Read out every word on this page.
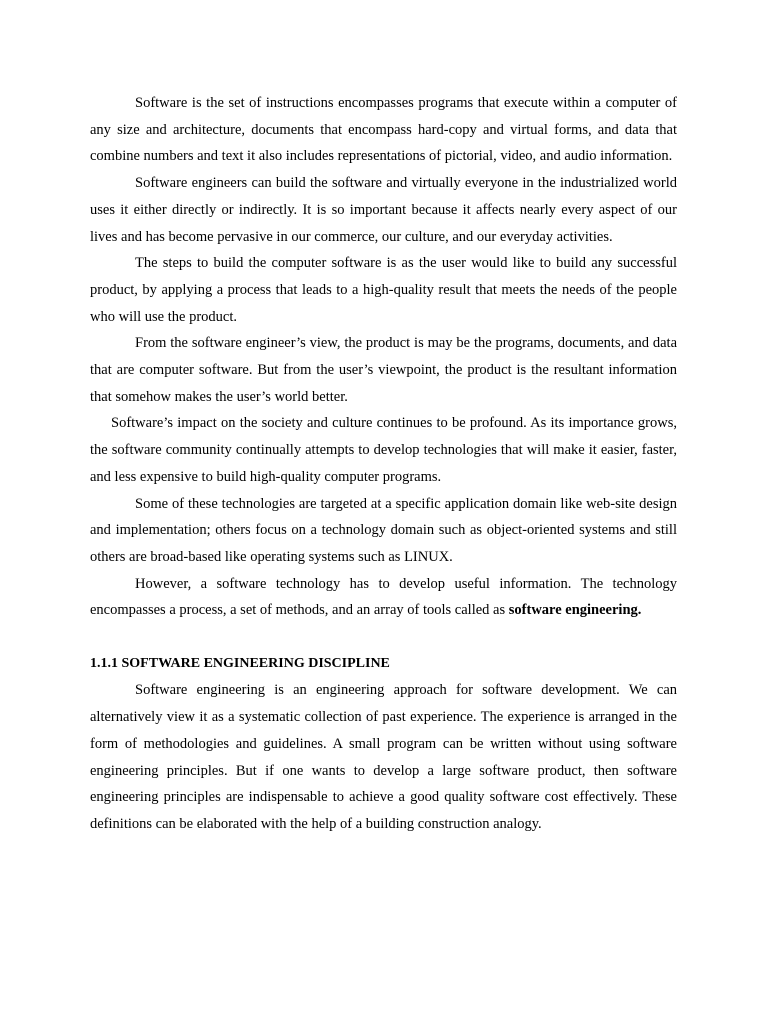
Software is the set of instructions encompasses programs that execute within a computer of any size and architecture, documents that encompass hard-copy and virtual forms, and data that combine numbers and text it also includes representations of pictorial, video, and audio information.

Software engineers can build the software and virtually everyone in the industrialized world uses it either directly or indirectly. It is so important because it affects nearly every aspect of our lives and has become pervasive in our commerce, our culture, and our everyday activities.

The steps to build the computer software is as the user would like to build any successful product, by applying a process that leads to a high-quality result that meets the needs of the people who will use the product.

From the software engineer’s view, the product is may be the programs, documents, and data that are computer software. But from the user’s viewpoint, the product is the resultant information that somehow makes the user’s world better.

Software’s impact on the society and culture continues to be profound. As its importance grows, the software community continually attempts to develop technologies that will make it easier, faster, and less expensive to build high-quality computer programs.

Some of these technologies are targeted at a specific application domain like web-site design and implementation; others focus on a technology domain such as object-oriented systems and still others are broad-based like operating systems such as LINUX.

However, a software technology has to develop useful information. The technology encompasses a process, a set of methods, and an array of tools called as software engineering.

1.1.1 SOFTWARE ENGINEERING DISCIPLINE

Software engineering is an engineering approach for software development. We can alternatively view it as a systematic collection of past experience. The experience is arranged in the form of methodologies and guidelines. A small program can be written without using software engineering principles. But if one wants to develop a large software product, then software engineering principles are indispensable to achieve a good quality software cost effectively. These definitions can be elaborated with the help of a building construction analogy.
